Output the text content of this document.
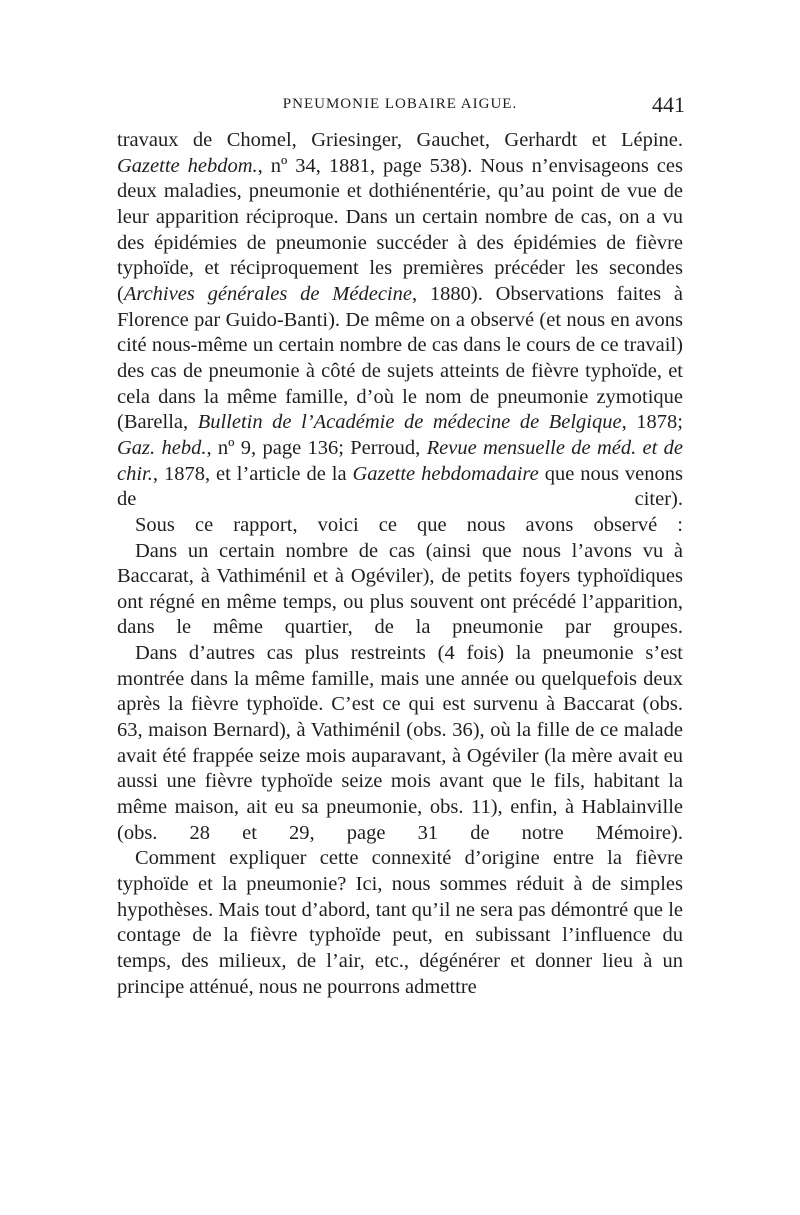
PNEUMONIE LOBAIRE AIGUE.	441

travaux de Chomel, Griesinger, Gauchet, Gerhardt et Lépine. Gazette hebdom., nº 34, 1881, page 538). Nous n’envisageons ces deux maladies, pneumonie et dothiénentérie, qu’au point de vue de leur apparition réciproque. Dans un certain nombre de cas, on a vu des épidémies de pneumonie succéder à des épidémies de fièvre typhoïde, et réciproquement les premières précéder les secondes (Archives générales de Médecine, 1880). Observations faites à Florence par Guido-Banti). De même on a observé (et nous en avons cité nous-même un certain nombre de cas dans le cours de ce travail) des cas de pneumonie à côté de sujets atteints de fièvre typhoïde, et cela dans la même famille, d’où le nom de pneumonie zymotique (Barella, Bulletin de l’Académie de médecine de Belgique, 1878; Gaz. hebd., nº 9, page 136; Perroud, Revue mensuelle de méd. et de chir., 1878, et l’article de la Gazette hebdomadaire que nous venons de citer).

Sous ce rapport, voici ce que nous avons observé :

Dans un certain nombre de cas (ainsi que nous l’avons vu à Baccarat, à Vathiménil et à Ogéviler), de petits foyers typhoïdiques ont régné en même temps, ou plus souvent ont précédé l’apparition, dans le même quartier, de la pneumonie par groupes.

Dans d’autres cas plus restreints (4 fois) la pneumonie s’est montrée dans la même famille, mais une année ou quelquefois deux après la fièvre typhoïde. C’est ce qui est survenu à Baccarat (obs. 63, maison Bernard), à Vathiménil (obs. 36), où la fille de ce malade avait été frappée seize mois auparavant, à Ogéviler (la mère avait eu aussi une fièvre typhoïde seize mois avant que le fils, habitant la même maison, ait eu sa pneumonie, obs. 11), enfin, à Hablainville (obs. 28 et 29, page 31 de notre Mémoire).

Comment expliquer cette connexité d’origine entre la fièvre typhoïde et la pneumonie? Ici, nous sommes réduit à de simples hypothèses. Mais tout d’abord, tant qu’il ne sera pas démontré que le contage de la fièvre typhoïde peut, en subissant l’influence du temps, des milieux, de l’air, etc., dégénérer et donner lieu à un principe atténué, nous ne pourrons admettre
